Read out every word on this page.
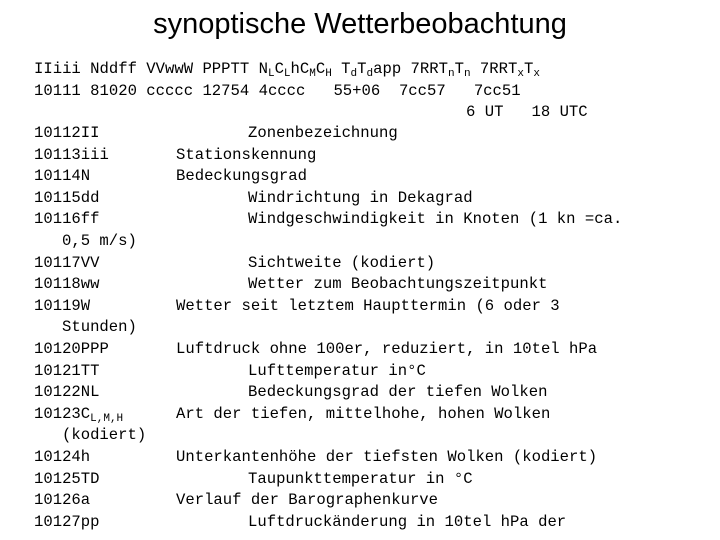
synoptische Wetterbeobachtung
IIiii Nddff VVwwW PPPTT $N_LC_LhC_MC_H$ $T_dT_dapp$ $7RRT_nT_n$ $7RRT_xT_x$
10111 81020 ccccc 12754 4cccc   55+06  7cc57   7cc51
6 UT   18 UTC
10112II	Zonenbezeichnung
10113iii	Stationskennung
10114N	Bedeckungsgrad
10115dd	Windrichtung in Dekagrad
10116ff	Windgeschwindigkeit in Knoten (1 kn =ca.
0,5 m/s)
10117VV	Sichtweite (kodiert)
10118ww	Wetter zum Beobachtungszeitpunkt
10119W	Wetter seit letztem Haupttermin (6 oder 3
Stunden)
10120PPP	Luftdruck ohne 100er, reduziert, in 10tel hPa
10121TT	Lufttemperatur in°C
10122NL	Bedeckungsgrad der tiefen Wolken
$10123C_{L,M,H}$	Art der tiefen, mittelhohe, hohen Wolken
(kodiert)
10124h	Unterkantenhöhe der tiefsten Wolken (kodiert)
10125TD	Taupunkttemperatur in °C
10126a	Verlauf der Barographenkurve
10127pp	Luftdruckänderung in 10tel hPa der
